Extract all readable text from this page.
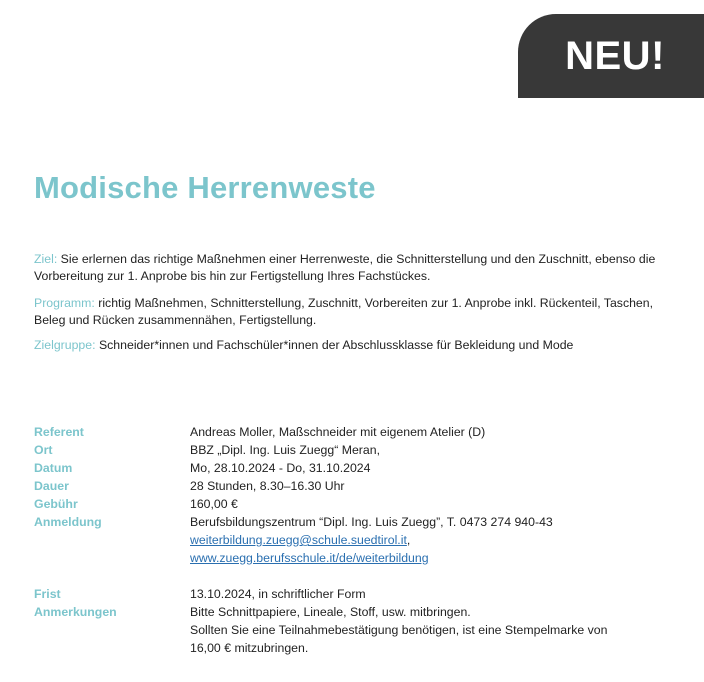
NEU!
Modische Herrenweste

Ziel: Sie erlernen das richtige Maßnehmen einer Herrenweste, die Schnitterstellung und den Zuschnitt, ebenso die Vorbereitung zur 1. Anprobe bis hin zur Fertigstellung Ihres Fachstückes.

Programm: richtig Maßnehmen, Schnitterstellung, Zuschnitt, Vorbereiten zur 1. Anprobe inkl. Rückenteil, Taschen, Beleg und Rücken zusammennähen, Fertigstellung.

Zielgruppe: Schneider*innen und Fachschüler*innen der Abschlussklasse für Bekleidung und Mode

Referent	Andreas Moller, Maßschneider mit eigenem Atelier (D)
Ort	BBZ „Dipl. Ing. Luis Zuegg“ Meran,
Datum	Mo, 28.10.2024 - Do, 31.10.2024
Dauer	28 Stunden, 8.30–16.30 Uhr
Gebühr	160,00 €
Anmeldung	Berufsbildungszentrum “Dipl. Ing. Luis Zuegg”, T. 0473 274 940-43
weiterbildung.zuegg@schule.suedtirol.it,
www.zuegg.berufsschule.it/de/weiterbildung
Frist	13.10.2024, in schriftlicher Form
Anmerkungen	Bitte Schnittpapiere, Lineale, Stoff, usw. mitbringen.
Sollten Sie eine Teilnahmebestätigung benötigen, ist eine Stempelmarke von
16,00 € mitzubringen.
